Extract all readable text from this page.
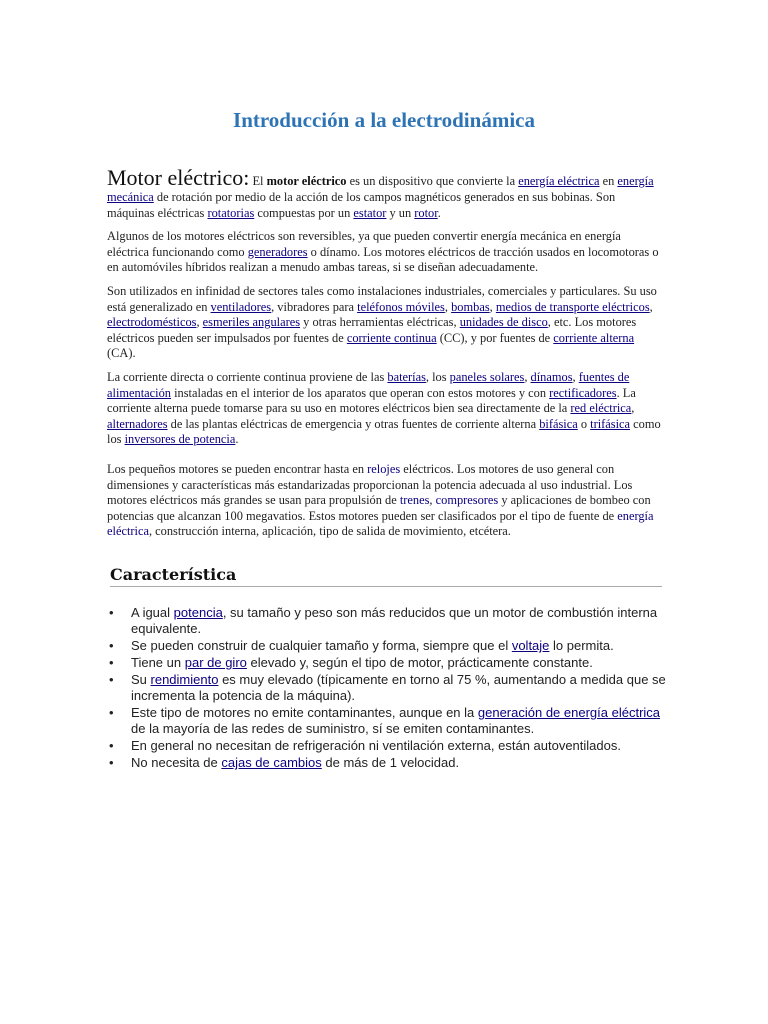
Introducción a la electrodinámica

Motor eléctrico: El motor eléctrico es un dispositivo que convierte la energía eléctrica en energía mecánica de rotación por medio de la acción de los campos magnéticos generados en sus bobinas. Son máquinas eléctricas rotatorias compuestas por un estator y un rotor.

Algunos de los motores eléctricos son reversibles, ya que pueden convertir energía mecánica en energía eléctrica funcionando como generadores o dínamo. Los motores eléctricos de tracción usados en locomotoras o en automóviles híbridos realizan a menudo ambas tareas, si se diseñan adecuadamente.

Son utilizados en infinidad de sectores tales como instalaciones industriales, comerciales y particulares. Su uso está generalizado en ventiladores, vibradores para teléfonos móviles, bombas, medios de transporte eléctricos, electrodomésticos, esmeriles angulares y otras herramientas eléctricas, unidades de disco, etc. Los motores eléctricos pueden ser impulsados por fuentes de corriente continua (CC), y por fuentes de corriente alterna (CA).

La corriente directa o corriente continua proviene de las baterías, los paneles solares, dínamos, fuentes de alimentación instaladas en el interior de los aparatos que operan con estos motores y con rectificadores. La corriente alterna puede tomarse para su uso en motores eléctricos bien sea directamente de la red eléctrica, alternadores de las plantas eléctricas de emergencia y otras fuentes de corriente alterna bifásica o trifásica como los inversores de potencia.

Los pequeños motores se pueden encontrar hasta en relojes eléctricos. Los motores de uso general con dimensiones y características más estandarizadas proporcionan la potencia adecuada al uso industrial. Los motores eléctricos más grandes se usan para propulsión de trenes, compresores y aplicaciones de bombeo con potencias que alcanzan 100 megavatios. Estos motores pueden ser clasificados por el tipo de fuente de energía eléctrica, construcción interna, aplicación, tipo de salida de movimiento, etcétera.

Característica
• A igual potencia, su tamaño y peso son más reducidos que un motor de combustión interna equivalente.
• Se pueden construir de cualquier tamaño y forma, siempre que el voltaje lo permita.
• Tiene un par de giro elevado y, según el tipo de motor, prácticamente constante.
• Su rendimiento es muy elevado (típicamente en torno al 75 %, aumentando a medida que se incrementa la potencia de la máquina).
• Este tipo de motores no emite contaminantes, aunque en la generación de energía eléctrica de la mayoría de las redes de suministro, sí se emiten contaminantes.
• En general no necesitan de refrigeración ni ventilación externa, están autoventilados.
• No necesita de cajas de cambios de más de 1 velocidad.
